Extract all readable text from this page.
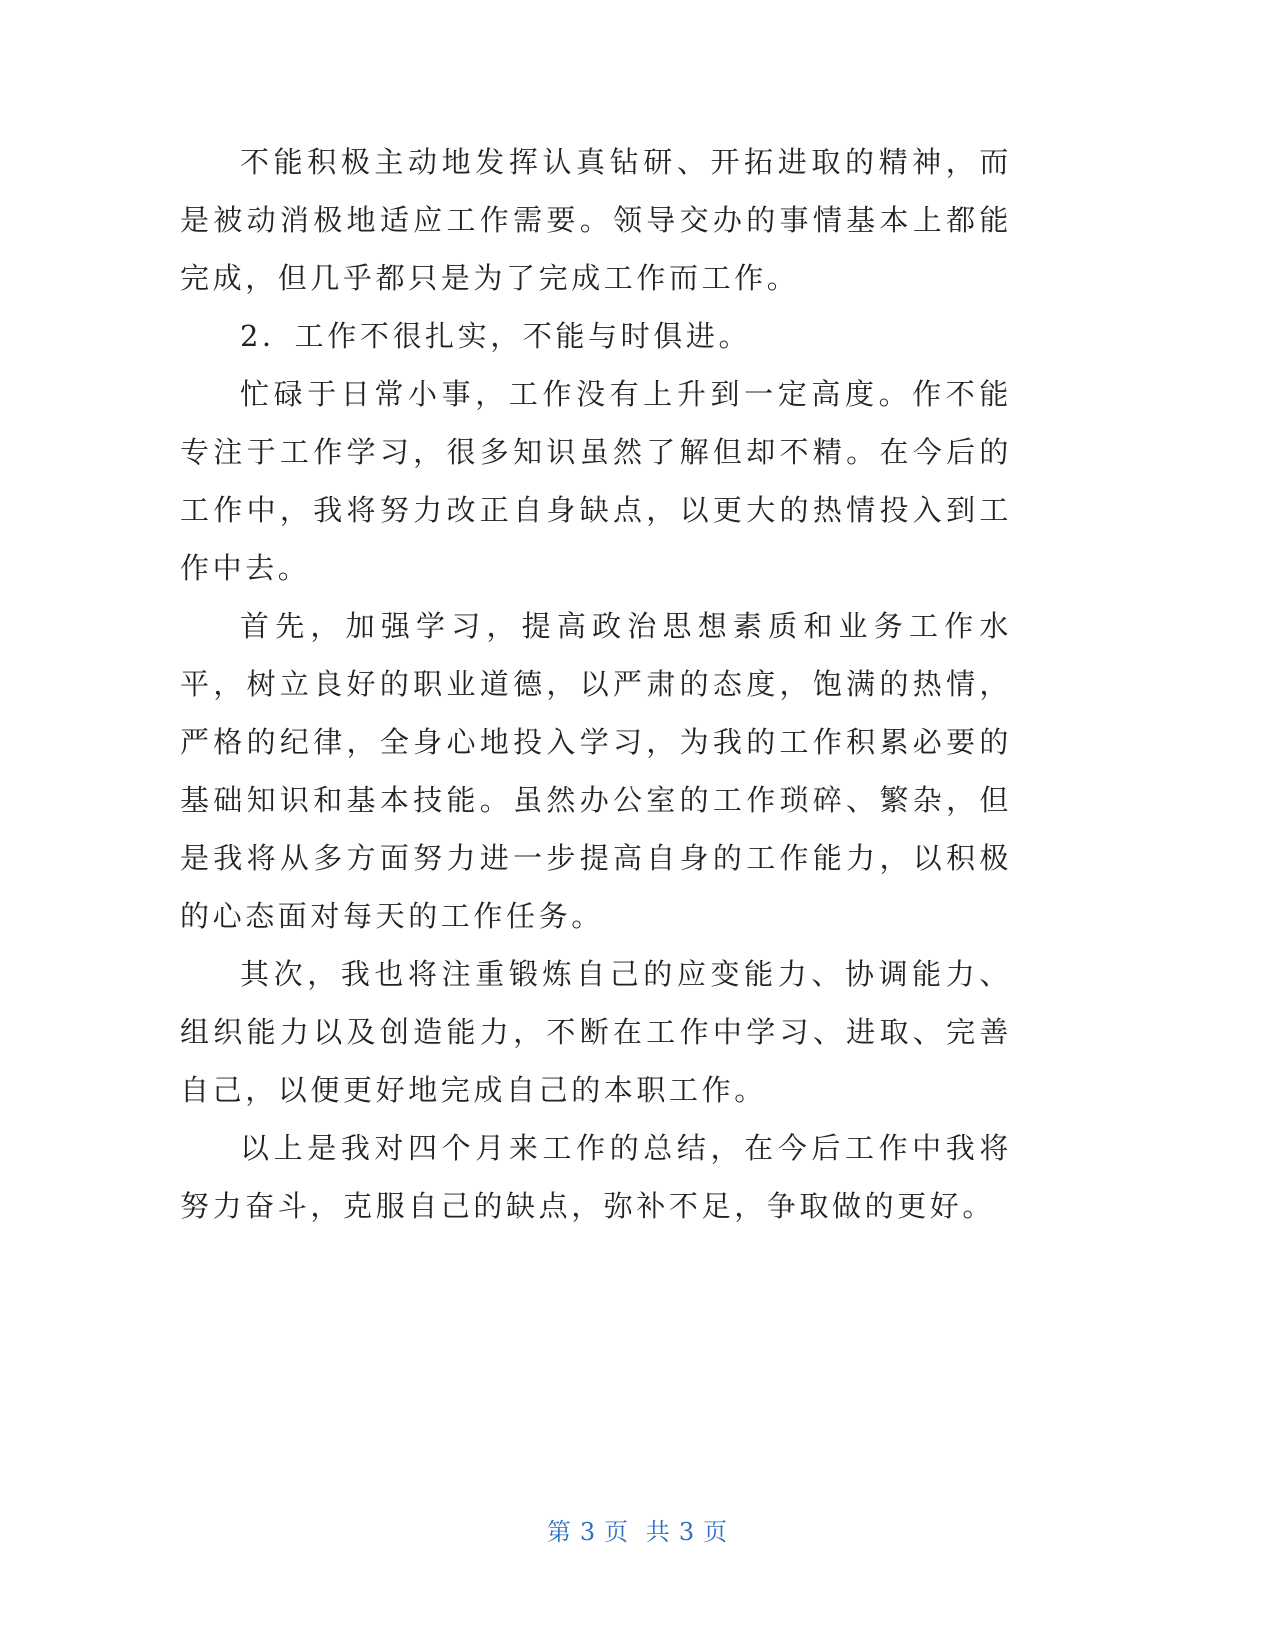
不能积极主动地发挥认真钻研、开拓进取的精神，而是被动消极地适应工作需要。领导交办的事情基本上都能完成，但几乎都只是为了完成工作而工作。

2．工作不很扎实，不能与时俱进。

忙碌于日常小事，工作没有上升到一定高度。作不能专注于工作学习，很多知识虽然了解但却不精。在今后的工作中，我将努力改正自身缺点，以更大的热情投入到工作中去。

首先，加强学习，提高政治思想素质和业务工作水平，树立良好的职业道德，以严肃的态度，饱满的热情，严格的纪律，全身心地投入学习，为我的工作积累必要的基础知识和基本技能。虽然办公室的工作琐碎、繁杂，但是我将从多方面努力进一步提高自身的工作能力，以积极的心态面对每天的工作任务。

其次，我也将注重锻炼自己的应变能力、协调能力、组织能力以及创造能力，不断在工作中学习、进取、完善自己，以便更好地完成自己的本职工作。

以上是我对四个月来工作的总结，在今后工作中我将努力奋斗，克服自己的缺点，弥补不足，争取做的更好。

第 3 页 共 3 页
